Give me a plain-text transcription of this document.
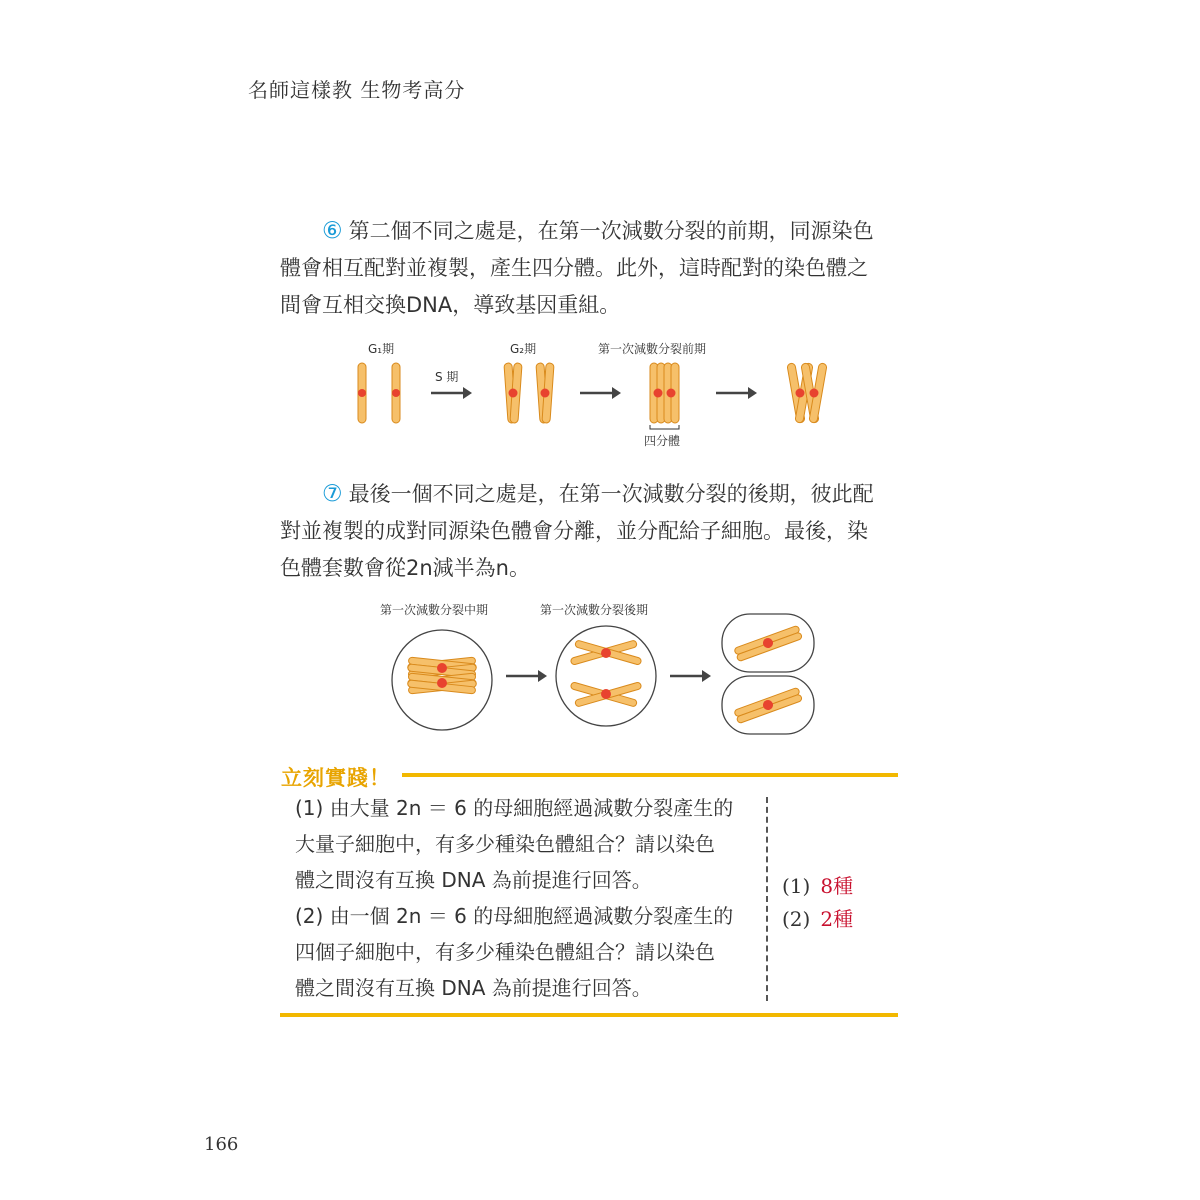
名師這樣教 生物考高分
⑥ 第二個不同之處是，在第一次減數分裂的前期，同源染色
體會相互配對並複製，產生四分體。此外，這時配對的染色體之
間會互相交換DNA，導致基因重組。
G₁期
S 期
G₂期	第一次減數分裂前期
四分體
⑦ 最後一個不同之處是，在第一次減數分裂的後期，彼此配
對並複製的成對同源染色體會分離，並分配給子細胞。最後，染
色體套數會從2n減半為n。
第一次減數分裂中期	第一次減數分裂後期
立刻實踐！
(1) 由大量 2n ＝ 6 的母細胞經過減數分裂產生的
大量子細胞中，有多少種染色體組合？請以染色
體之間沒有互換 DNA 為前提進行回答。
(2) 由一個 2n ＝ 6 的母細胞經過減數分裂產生的
四個子細胞中，有多少種染色體組合？請以染色
體之間沒有互換 DNA 為前提進行回答。
(1) 8種
(2) 2種
166
